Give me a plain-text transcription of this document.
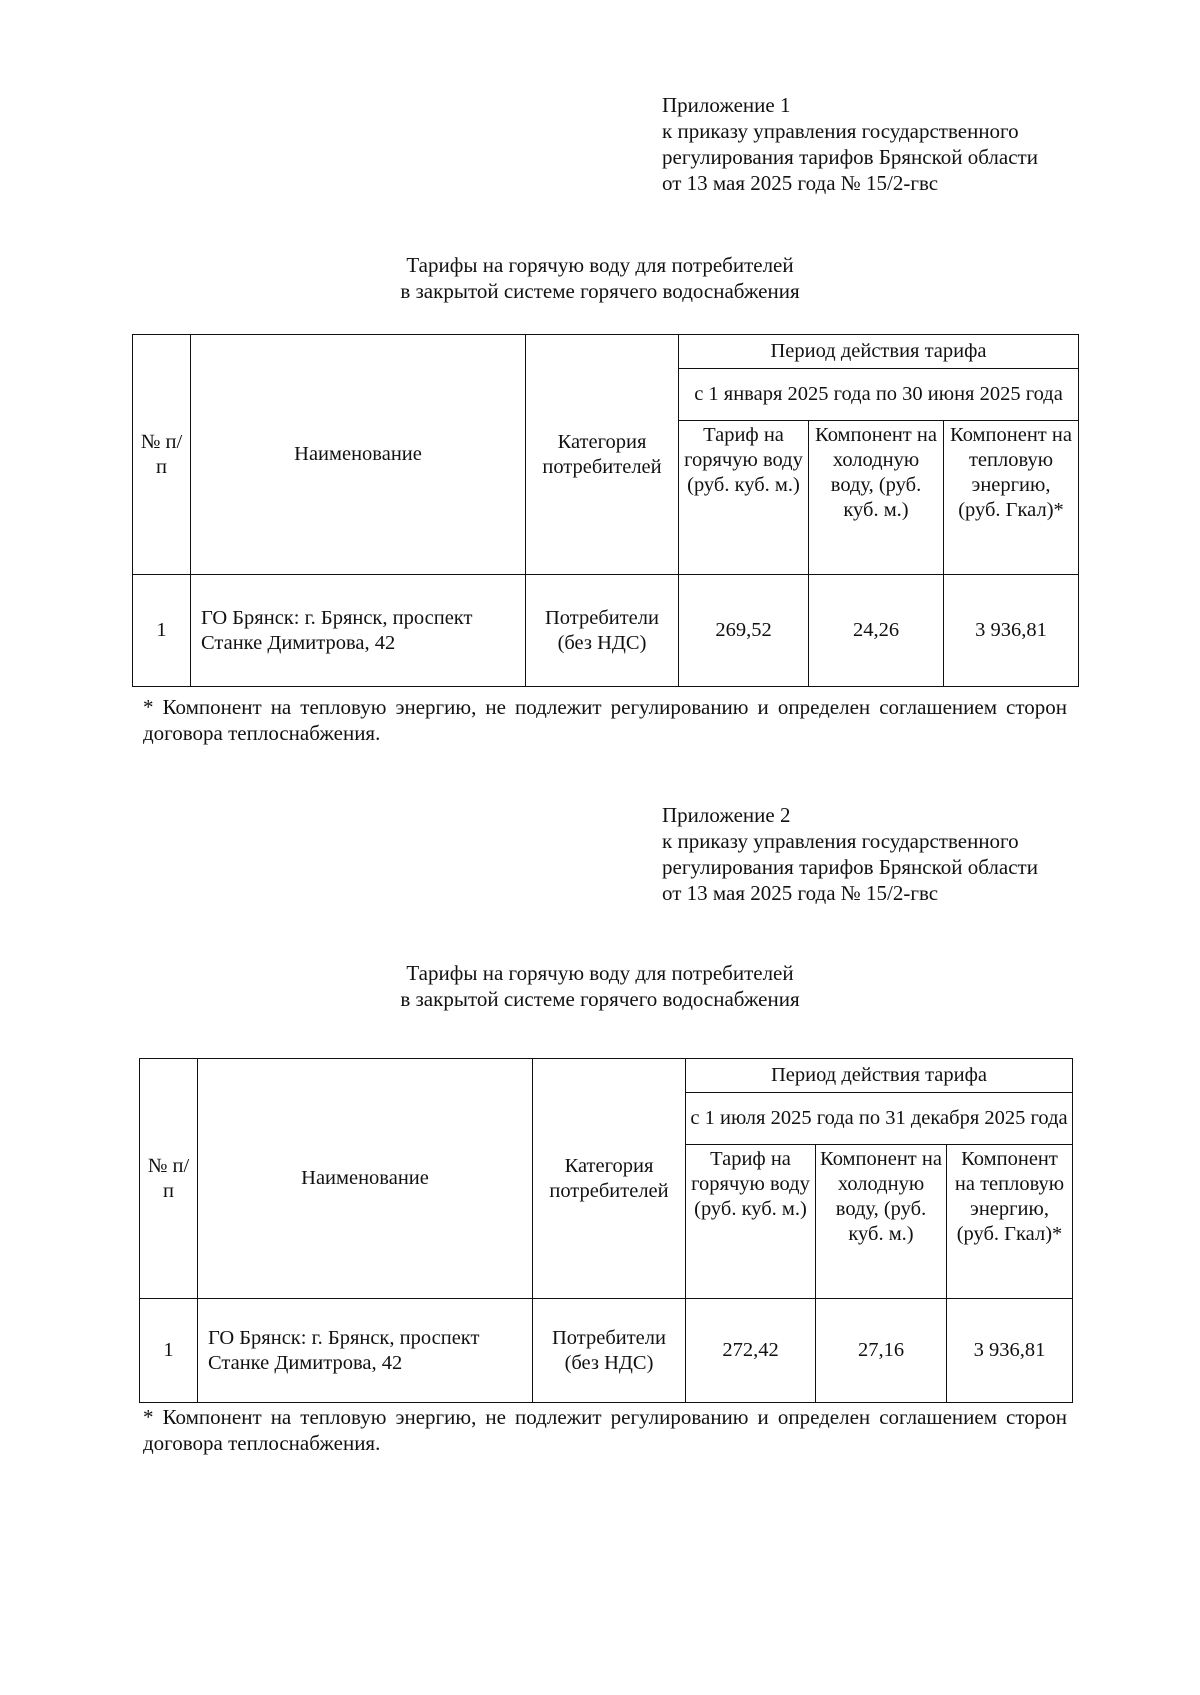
Приложение 1
к приказу управления государственного
регулирования тарифов Брянской области
от 13 мая 2025 года № 15/2-гвс
Тарифы на горячую воду для потребителей
в закрытой системе горячего водоснабжения
№ п/п	Наименование	Категория потребителей	Период действия тарифа		
			с 1 января 2025 года по 30 июня 2025 года		
			Тариф на горячую воду (руб. куб. м.)	Компонент на холодную воду, (руб. куб. м.)	Компонент на тепловую энергию, (руб. Гкал)*
1	ГО Брянск: г. Брянск, проспект Станке Димитрова, 42	Потребители (без НДС)	269,52	24,26	3 936,81
* Компонент на тепловую энергию, не подлежит регулированию и определен соглашением сторон договора теплоснабжения.
Приложение 2
к приказу управления государственного
регулирования тарифов Брянской области
от 13 мая 2025 года № 15/2-гвс
Тарифы на горячую воду для потребителей
в закрытой системе горячего водоснабжения
№ п/п	Наименование	Категория потребителей	Период действия тарифа		
			с 1 июля 2025 года по 31 декабря 2025 года		
			Тариф на горячую воду (руб. куб. м.)	Компонент на холодную воду, (руб. куб. м.)	Компонент на тепловую энергию, (руб. Гкал)*
1	ГО Брянск: г. Брянск, проспект Станке Димитрова, 42	Потребители (без НДС)	272,42	27,16	3 936,81
* Компонент на тепловую энергию, не подлежит регулированию и определен соглашением сторон договора теплоснабжения.
